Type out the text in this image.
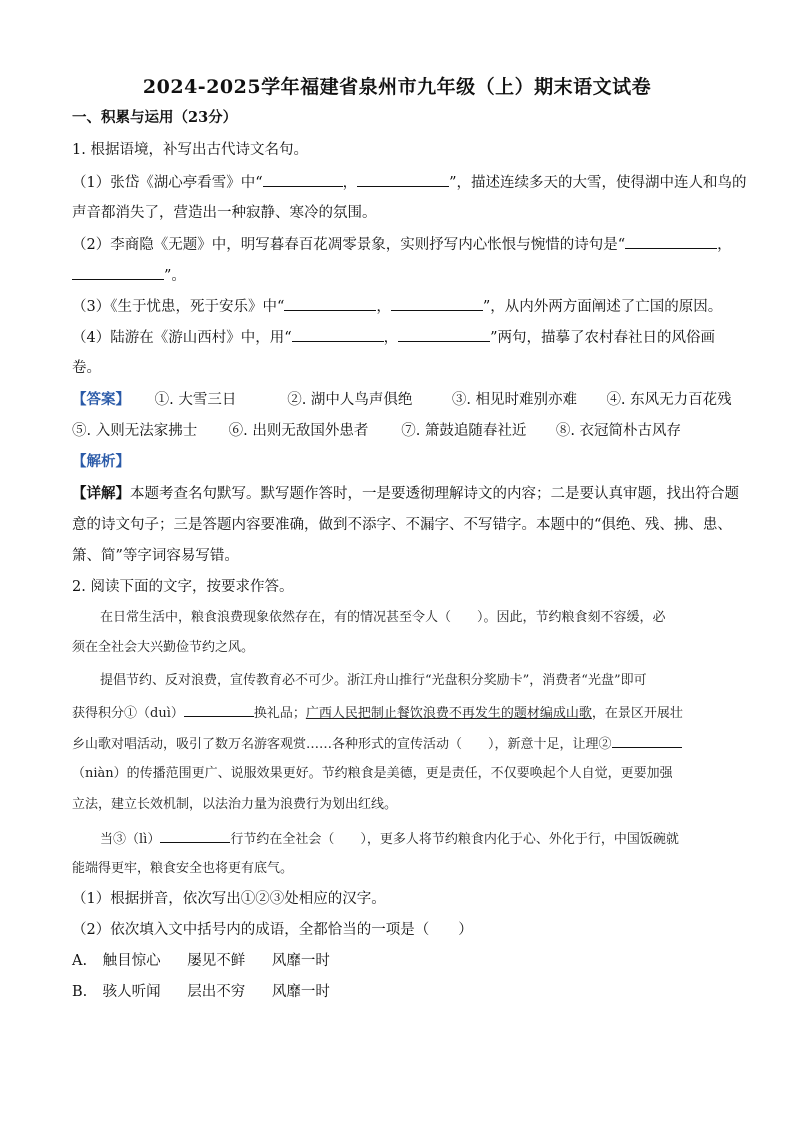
2024-2025学年福建省泉州市九年级（上）期末语文试卷
一、积累与运用（23分）
1. 根据语境，补写出古代诗文名句。
（1）张岱《湖心亭看雪》中“	，	”，描述连续多天的大雪，使得湖中连人和鸟的
声音都消失了，营造出一种寂静、寒冷的氛围。
（2）李商隐《无题》中，明写暮春百花凋零景象，实则抒写内心怅恨与惋惜的诗句是“	，
”。
（3）《生于忧患，死于安乐》中“	，	”，从内外两方面阐述了亡国的原因。
（4）陆游在《游山西村》中，用“	，	”两句，描摹了农村春社日的风俗画
卷。
【答案】 ①. 大雪三日	②. 湖中人鸟声俱绝	③. 相见时难别亦难 ④. 东风无力百花残
⑤. 入则无法家拂士 ⑥. 出则无敌国外患者 ⑦. 箫鼓追随春社近 ⑧. 衣冠简朴古风存
【解析】
【详解】本题考查名句默写。默写题作答时，一是要透彻理解诗文的内容；二是要认真审题，找出符合题
意的诗文句子；三是答题内容要准确，做到不添字、不漏字、不写错字。本题中的“俱绝、残、拂、患、
箫、简”等字词容易写错。
2. 阅读下面的文字，按要求作答。
在日常生活中，粮食浪费现象依然存在，有的情况甚至令人（　　）。因此，节约粮食刻不容缓，必
须在全社会大兴勤俭节约之风。
提倡节约、反对浪费，宣传教育必不可少。浙江舟山推行“光盘积分奖励卡”，消费者“光盘”即可
获得积分①（duì）	换礼品；广西人民把制止餐饮浪费不再发生的题材编成山歌，在景区开展壮
乡山歌对唱活动，吸引了数万名游客观赏……各种形式的宣传活动（　　），新意十足，让理②
（niàn）的传播范围更广、说服效果更好。节约粮食是美德，更是责任，不仅要唤起个人自觉，更要加强
立法，建立长效机制，以法治力量为浪费行为划出红线。
当③（lì）	行节约在全社会（　　），更多人将节约粮食内化于心、外化于行，中国饭碗就
能端得更牢，粮食安全也将更有底气。
（1）根据拼音，依次写出①②③处相应的汉字。
（2）依次填入文中括号内的成语，全都恰当的一项是（　　）
A. 触目惊心 屡见不鲜 风靡一时
B. 骇人听闻 层出不穷 风靡一时
